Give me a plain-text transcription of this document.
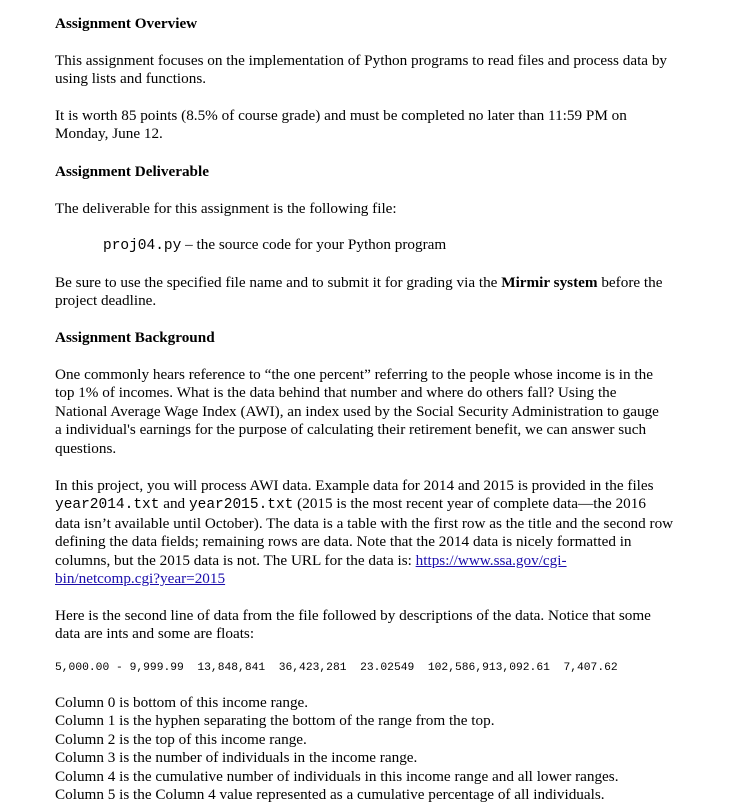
Assignment Overview
This assignment focuses on the implementation of Python programs to read files and process data by
using lists and functions.
It is worth 85 points (8.5% of course grade) and must be completed no later than 11:59 PM on
Monday, June 12.
Assignment Deliverable
The deliverable for this assignment is the following file:
proj04.py – the source code for your Python program
Be sure to use the specified file name and to submit it for grading via the Mirmir system before the
project deadline.
Assignment Background
One commonly hears reference to “the one percent” referring to the people whose income is in the
top 1% of incomes. What is the data behind that number and where do others fall? Using the
National Average Wage Index (AWI), an index used by the Social Security Administration to gauge
a individual's earnings for the purpose of calculating their retirement benefit, we can answer such
questions.
In this project, you will process AWI data. Example data for 2014 and 2015 is provided in the files
year2014.txt and year2015.txt (2015 is the most recent year of complete data—the 2016
data isn’t available until October). The data is a table with the first row as the title and the second row
defining the data fields; remaining rows are data. Note that the 2014 data is nicely formatted in
columns, but the 2015 data is not. The URL for the data is: https://www.ssa.gov/cgi-
bin/netcomp.cgi?year=2015
Here is the second line of data from the file followed by descriptions of the data. Notice that some
data are ints and some are floats:
5,000.00 - 9,999.99  13,848,841  36,423,281  23.02549  102,586,913,092.61  7,407.62
Column 0 is bottom of this income range.
Column 1 is the hyphen separating the bottom of the range from the top.
Column 2 is the top of this income range.
Column 3 is the number of individuals in the income range.
Column 4 is the cumulative number of individuals in this income range and all lower ranges.
Column 5 is the Column 4 value represented as a cumulative percentage of all individuals.
